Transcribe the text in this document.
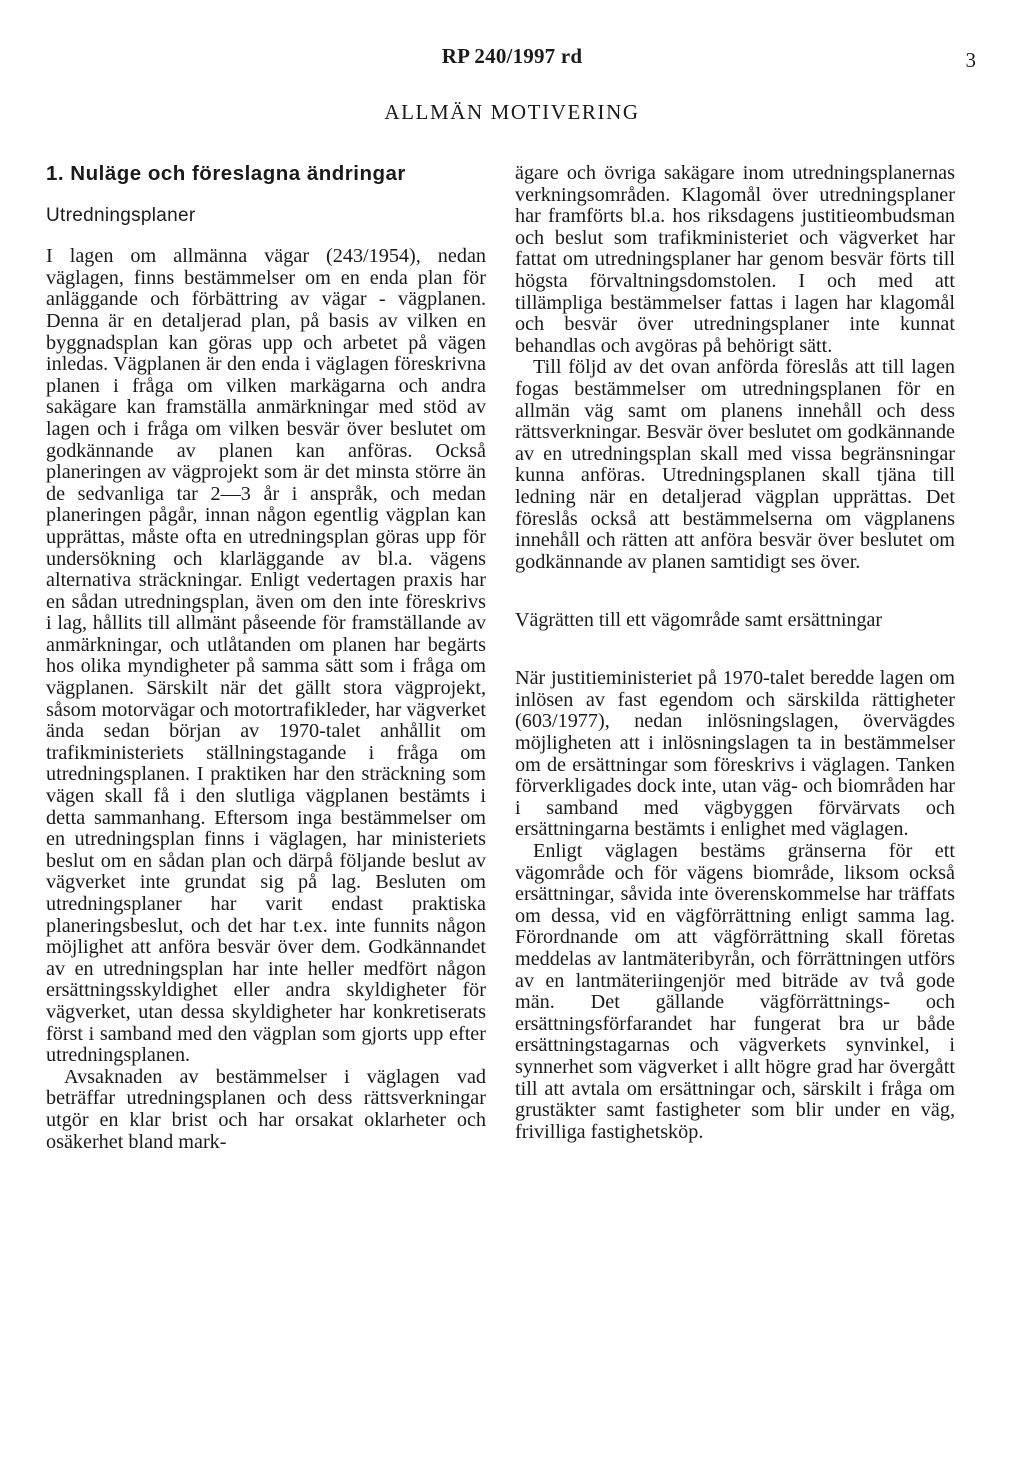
RP 240/1997 rd	3
ALLMÄN MOTIVERING
1. Nuläge och föreslagna ändringar
Utredningsplaner

I lagen om allmänna vägar (243/1954), nedan väglagen, finns bestämmelser om en enda plan för anläggande och förbättring av vägar - vägplanen. Denna är en detaljerad plan, på basis av vilken en byggnadsplan kan göras upp och arbetet på vägen inledas. Vägplanen är den enda i väglagen föreskrivna planen i fråga om vilken markägarna och andra sakägare kan framställa anmärkningar med stöd av lagen och i fråga om vilken besvär över beslutet om godkännande av planen kan anföras. Också planeringen av vägprojekt som är det minsta större än de sedvanliga tar 2—3 år i anspråk, och medan planeringen pågår, innan någon egentlig vägplan kan upprättas, måste ofta en utredningsplan göras upp för undersökning och klarläggande av bl.a. vägens alternativa sträckningar. Enligt vedertagen praxis har en sådan utredningsplan, även om den inte föreskrivs i lag, hållits till allmänt påseende för framställande av anmärkningar, och utlåtanden om planen har begärts hos olika myndigheter på samma sätt som i fråga om vägplanen. Särskilt när det gällt stora vägprojekt, såsom motorvägar och motortrafikleder, har vägverket ända sedan början av 1970-talet anhållit om trafikministeriets ställningstagande i fråga om utredningsplanen. I praktiken har den sträckning som vägen skall få i den slutliga vägplanen bestämts i detta sammanhang. Eftersom inga bestämmelser om en utredningsplan finns i väglagen, har ministeriets beslut om en sådan plan och därpå följande beslut av vägverket inte grundat sig på lag. Besluten om utredningsplaner har varit endast praktiska planeringsbeslut, och det har t.ex. inte funnits någon möjlighet att anföra besvär över dem. Godkännandet av en utredningsplan har inte heller medfört någon ersättningsskyldighet eller andra skyldigheter för vägverket, utan dessa skyldigheter har konkretiserats först i samband med den vägplan som gjorts upp efter utredningsplanen.

Avsaknaden av bestämmelser i väglagen vad beträffar utredningsplanen och dess rättsverkningar utgör en klar brist och har orsakat oklarheter och osäkerhet bland mark-

ägare och övriga sakägare inom utredningsplanernas verkningsområden. Klagomål över utredningsplaner har framförts bl.a. hos riksdagens justitieombudsman och beslut som trafikministeriet och vägverket har fattat om utredningsplaner har genom besvär förts till högsta förvaltningsdomstolen. I och med att tillämpliga bestämmelser fattas i lagen har klagomål och besvär över utredningsplaner inte kunnat behandlas och avgöras på behörigt sätt.

Till följd av det ovan anförda föreslås att till lagen fogas bestämmelser om utredningsplanen för en allmän väg samt om planens innehåll och dess rättsverkningar. Besvär över beslutet om godkännande av en utredningsplan skall med vissa begränsningar kunna anföras. Utredningsplanen skall tjäna till ledning när en detaljerad vägplan upprättas. Det föreslås också att bestämmelserna om vägplanens innehåll och rätten att anföra besvär över beslutet om godkännande av planen samtidigt ses över.

Vägrätten till ett vägområde samt ersättningar

När justitieministeriet på 1970-talet beredde lagen om inlösen av fast egendom och särskilda rättigheter (603/1977), nedan inlösningslagen, övervägdes möjligheten att i inlösningslagen ta in bestämmelser om de ersättningar som föreskrivs i väglagen. Tanken förverkligades dock inte, utan väg- och biområden har i samband med vägbyggen förvärvats och ersättningarna bestämts i enlighet med väglagen.

Enligt väglagen bestäms gränserna för ett vägområde och för vägens biområde, liksom också ersättningar, såvida inte överenskommelse har träffats om dessa, vid en vägförrättning enligt samma lag. Förordnande om att vägförrättning skall företas meddelas av lantmäteribyrån, och förrättningen utförs av en lantmäteriingenjör med biträde av två gode män. Det gällande vägförrättnings- och ersättningsförfarandet har fungerat bra ur både ersättningstagarnas och vägverkets synvinkel, i synnerhet som vägverket i allt högre grad har övergått till att avtala om ersättningar och, särskilt i fråga om grustäkter samt fastigheter som blir under en väg, frivilliga fastighetsköp.
